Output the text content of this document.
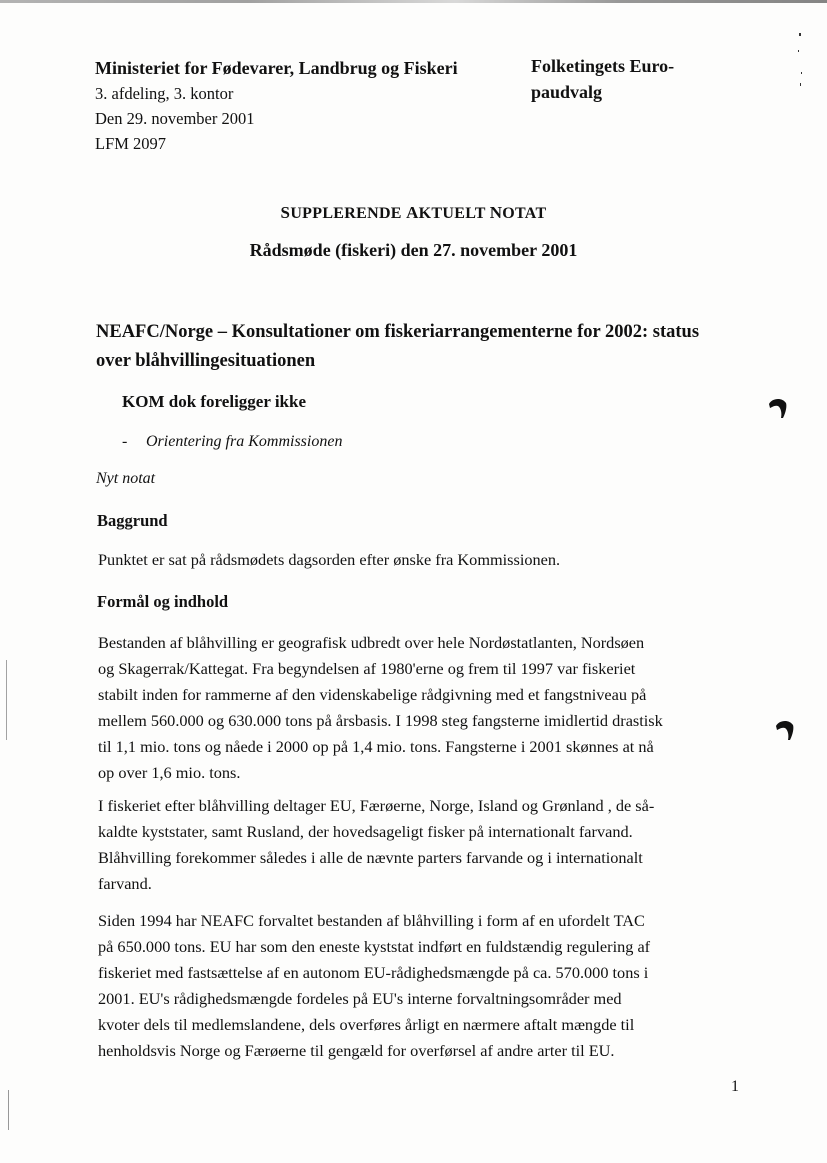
Ministeriet for Fødevarer, Landbrug og Fiskeri
3. afdeling, 3. kontor
Den 29. november 2001
LFM 2097
Folketingets Euro-
paudvalg
SUPPLERENDE AKTUELT NOTAT
Rådsmøde (fiskeri) den 27. november 2001
NEAFC/Norge – Konsultationer om fiskeriarrangementerne for 2002: status
over blåhvillingesituationen
KOM dok foreligger ikke
- Orientering fra Kommissionen
Nyt notat
Baggrund
Punktet er sat på rådsmødets dagsorden efter ønske fra Kommissionen.
Formål og indhold
Bestanden af blåhvilling er geografisk udbredt over hele Nordøstatlanten, Nordsøen
og Skagerrak/Kattegat. Fra begyndelsen af 1980'erne og frem til 1997 var fiskeriet
stabilt inden for rammerne af den videnskabelige rådgivning med et fangstniveau på
mellem 560.000 og 630.000 tons på årsbasis. I 1998 steg fangsterne imidlertid drastisk
til 1,1 mio. tons og nåede i 2000 op på 1,4 mio. tons. Fangsterne i 2001 skønnes at nå
op over 1,6 mio. tons.
I fiskeriet efter blåhvilling deltager EU, Færøerne, Norge, Island og Grønland , de så-
kaldte kyststater, samt Rusland, der hovedsageligt fisker på internationalt farvand.
Blåhvilling forekommer således i alle de nævnte parters farvande og i internationalt
farvand.
Siden 1994 har NEAFC forvaltet bestanden af blåhvilling i form af en ufordelt TAC
på 650.000 tons. EU har som den eneste kyststat indført en fuldstændig regulering af
fiskeriet med fastsættelse af en autonom EU-rådighedsmængde på ca. 570.000 tons i
2001. EU's rådighedsmængde fordeles på EU's interne forvaltningsområder med
kvoter dels til medlemslandene, dels overføres årligt en nærmere aftalt mængde til
henholdsvis Norge og Færøerne til gengæld for overførsel af andre arter til EU.
1
